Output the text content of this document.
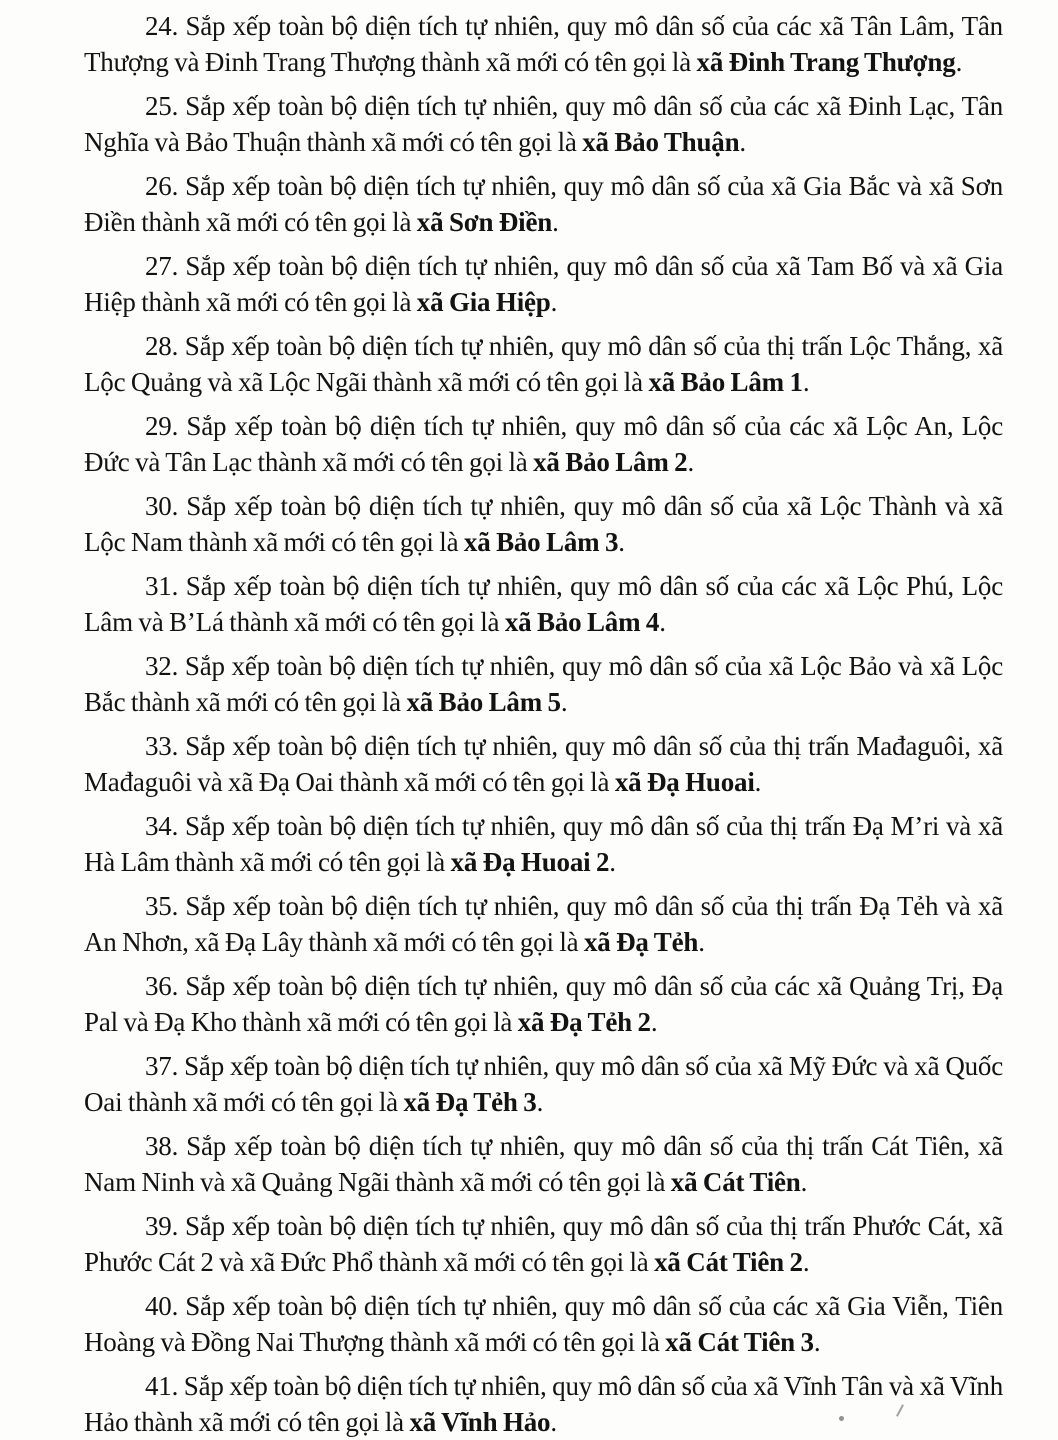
24. Sắp xếp toàn bộ diện tích tự nhiên, quy mô dân số của các xã Tân Lâm, Tân Thượng và Đinh Trang Thượng thành xã mới có tên gọi là xã Đinh Trang Thượng.

25. Sắp xếp toàn bộ diện tích tự nhiên, quy mô dân số của các xã Đinh Lạc, Tân Nghĩa và Bảo Thuận thành xã mới có tên gọi là xã Bảo Thuận.

26. Sắp xếp toàn bộ diện tích tự nhiên, quy mô dân số của xã Gia Bắc và xã Sơn Điền thành xã mới có tên gọi là xã Sơn Điền.

27. Sắp xếp toàn bộ diện tích tự nhiên, quy mô dân số của xã Tam Bố và xã Gia Hiệp thành xã mới có tên gọi là xã Gia Hiệp.

28. Sắp xếp toàn bộ diện tích tự nhiên, quy mô dân số của thị trấn Lộc Thắng, xã Lộc Quảng và xã Lộc Ngãi thành xã mới có tên gọi là xã Bảo Lâm 1.

29. Sắp xếp toàn bộ diện tích tự nhiên, quy mô dân số của các xã Lộc An, Lộc Đức và Tân Lạc thành xã mới có tên gọi là xã Bảo Lâm 2.

30. Sắp xếp toàn bộ diện tích tự nhiên, quy mô dân số của xã Lộc Thành và xã Lộc Nam thành xã mới có tên gọi là xã Bảo Lâm 3.

31. Sắp xếp toàn bộ diện tích tự nhiên, quy mô dân số của các xã Lộc Phú, Lộc Lâm và B’Lá thành xã mới có tên gọi là xã Bảo Lâm 4.

32. Sắp xếp toàn bộ diện tích tự nhiên, quy mô dân số của xã Lộc Bảo và xã Lộc Bắc thành xã mới có tên gọi là xã Bảo Lâm 5.

33. Sắp xếp toàn bộ diện tích tự nhiên, quy mô dân số của thị trấn Mađaguôi, xã Mađaguôi và xã Đạ Oai thành xã mới có tên gọi là xã Đạ Huoai.

34. Sắp xếp toàn bộ diện tích tự nhiên, quy mô dân số của thị trấn Đạ M’ri và xã Hà Lâm thành xã mới có tên gọi là xã Đạ Huoai 2.

35. Sắp xếp toàn bộ diện tích tự nhiên, quy mô dân số của thị trấn Đạ Tẻh và xã An Nhơn, xã Đạ Lây thành xã mới có tên gọi là xã Đạ Tẻh.

36. Sắp xếp toàn bộ diện tích tự nhiên, quy mô dân số của các xã Quảng Trị, Đạ Pal và Đạ Kho thành xã mới có tên gọi là xã Đạ Tẻh 2.

37. Sắp xếp toàn bộ diện tích tự nhiên, quy mô dân số của xã Mỹ Đức và xã Quốc Oai thành xã mới có tên gọi là xã Đạ Tẻh 3.

38. Sắp xếp toàn bộ diện tích tự nhiên, quy mô dân số của thị trấn Cát Tiên, xã Nam Ninh và xã Quảng Ngãi thành xã mới có tên gọi là xã Cát Tiên.

39. Sắp xếp toàn bộ diện tích tự nhiên, quy mô dân số của thị trấn Phước Cát, xã Phước Cát 2 và xã Đức Phổ thành xã mới có tên gọi là xã Cát Tiên 2.

40. Sắp xếp toàn bộ diện tích tự nhiên, quy mô dân số của các xã Gia Viễn, Tiên Hoàng và Đồng Nai Thượng thành xã mới có tên gọi là xã Cát Tiên 3.

41. Sắp xếp toàn bộ diện tích tự nhiên, quy mô dân số của xã Vĩnh Tân và xã Vĩnh Hảo thành xã mới có tên gọi là xã Vĩnh Hảo.
